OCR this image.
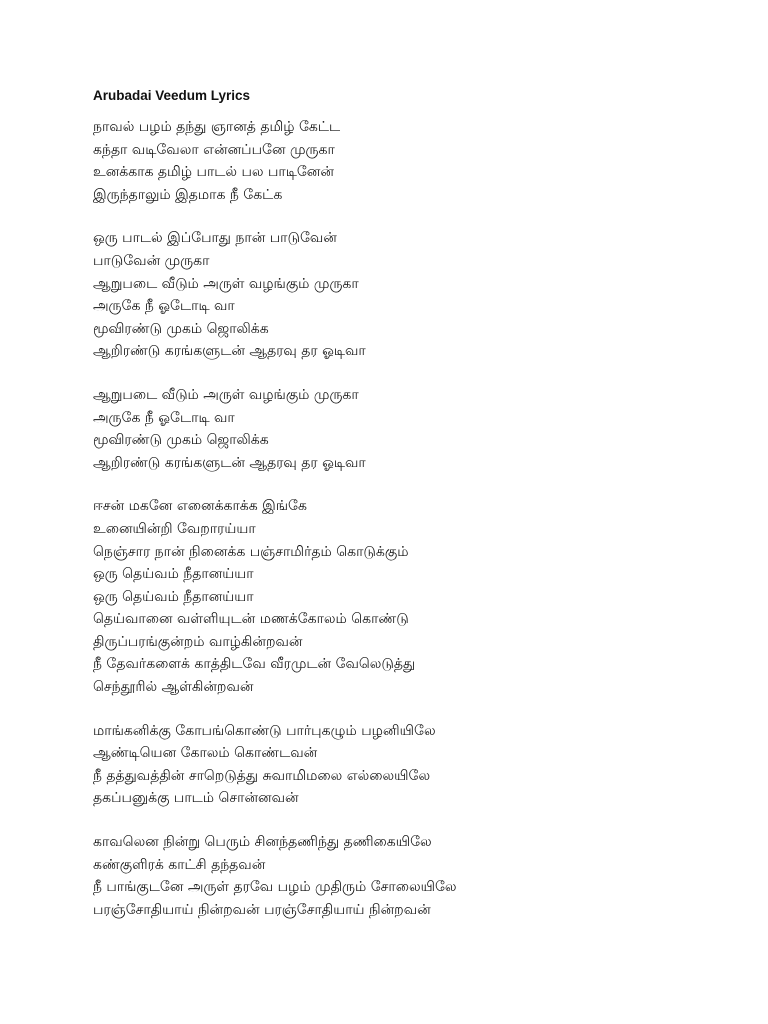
Arubadai Veedum Lyrics
நாவல் பழம் தந்து ஞானத் தமிழ் கேட்ட
கந்தா வடிவேலா என்னப்பனே முருகா
உனக்காக தமிழ் பாடல் பல பாடினேன்
இருந்தாலும் இதமாக நீ கேட்க
ஒரு பாடல் இப்போது நான் பாடுவேன்
பாடுவேன் முருகா
ஆறுபடை வீடும் அருள் வழங்கும் முருகா
அருகே நீ ஓடோடி வா
மூவிரண்டு முகம் ஜொலிக்க
ஆறிரண்டு கரங்களுடன் ஆதரவு தர ஓடிவா
ஆறுபடை வீடும் அருள் வழங்கும் முருகா
அருகே நீ ஓடோடி வா
மூவிரண்டு முகம் ஜொலிக்க
ஆறிரண்டு கரங்களுடன் ஆதரவு தர ஓடிவா
ஈசன் மகனே எனைக்காக்க இங்கே
உனையின்றி வேறாரய்யா
நெஞ்சார நான் நினைக்க பஞ்சாமிர்தம் கொடுக்கும்
ஒரு தெய்வம் நீதானய்யா
ஒரு தெய்வம் நீதானய்யா
தெய்வானை வள்ளியுடன் மணக்கோலம் கொண்டு
திருப்பரங்குன்றம் வாழ்கின்றவன்
நீ தேவர்களைக் காத்திடவே வீரமுடன் வேலெடுத்து
செந்தூரில் ஆள்கின்றவன்
மாங்கனிக்கு கோபங்கொண்டு பார்புகழும் பழனியிலே
ஆண்டியென கோலம் கொண்டவன்
நீ தத்துவத்தின் சாறெடுத்து சுவாமிமலை எல்லையிலே
தகப்பனுக்கு பாடம் சொன்னவன்
காவலென நின்று பெரும் சினந்தணிந்து தணிகையிலே
கண்குளிரக் காட்சி தந்தவன்
நீ பாங்குடனே அருள் தரவே பழம் முதிரும் சோலையிலே
பரஞ்சோதியாய் நின்றவன் பரஞ்சோதியாய் நின்றவன்
